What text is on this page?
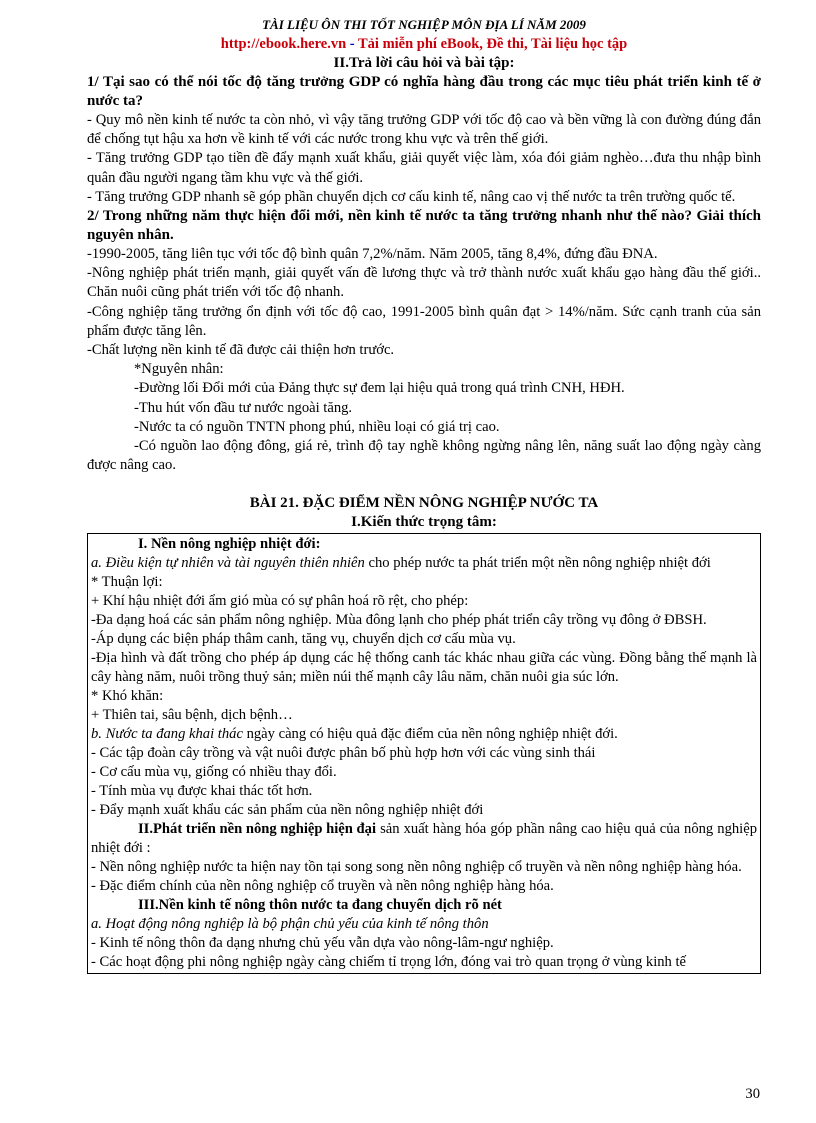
TÀI LIỆU ÔN THI TỐT NGHIỆP MÔN ĐỊA LÍ NĂM 2009
http://ebook.here.vn - Tải miễn phí eBook, Đề thi, Tài liệu học tập
II.Trả lời câu hỏi và bài tập:
1/ Tại sao có thể nói tốc độ tăng trưởng GDP có nghĩa hàng đầu trong các mục tiêu phát triển kinh tế ở nước ta?

- Quy mô nền kinh tế nước ta còn nhỏ, vì vậy tăng trưởng GDP với tốc độ cao và bền vững là con đường đúng đắn để chống tụt hậu xa hơn về kinh tế với các nước trong khu vực và trên thế giới.

- Tăng trưởng GDP tạo tiền đề đẩy mạnh xuất khẩu, giải quyết việc làm, xóa đói giảm nghèo…đưa thu nhập bình quân đầu người ngang tầm khu vực và thế giới.

- Tăng trưởng GDP nhanh sẽ góp phần chuyển dịch cơ cấu kinh tế, nâng cao vị thế nước ta trên trường quốc tế.

2/ Trong những năm thực hiện đổi mới, nền kinh tế nước ta tăng trưởng nhanh như thế nào? Giải thích nguyên nhân.

-1990-2005, tăng liên tục với tốc độ bình quân 7,2%/năm. Năm 2005, tăng 8,4%, đứng đầu ĐNA.

-Nông nghiệp phát triển mạnh, giải quyết vấn đề lương thực và trở thành nước xuất khẩu gạo hàng đầu thế giới.. Chăn nuôi cũng phát triển với tốc độ nhanh.

-Công nghiệp tăng trưởng ổn định với tốc độ cao, 1991-2005 bình quân đạt > 14%/năm. Sức cạnh tranh của sản phẩm được tăng lên.

-Chất lượng nền kinh tế đã được cải thiện hơn trước.

*Nguyên nhân:

-Đường lối Đổi mới của Đảng thực sự đem lại hiệu quả trong quá trình CNH, HĐH.

-Thu hút vốn đầu tư nước ngoài tăng.

-Nước ta có nguồn TNTN phong phú, nhiều loại có giá trị cao.

-Có nguồn lao động đông, giá rẻ, trình độ tay nghề không ngừng nâng lên, năng suất lao động ngày càng được nâng cao.

BÀI 21. ĐẶC ĐIỂM NỀN NÔNG NGHIỆP NƯỚC TA
I.Kiến thức trọng tâm:

I. Nền nông nghiệp nhiệt đới:

a. Điều kiện tự nhiên và tài nguyên thiên nhiên cho phép nước ta phát triển một nền nông nghiệp nhiệt đới

* Thuận lợi:

+ Khí hậu nhiệt đới ẩm gió mùa có sự phân hoá rõ rệt, cho phép:

-Đa dạng hoá các sản phẩm nông nghiệp. Mùa đông lạnh cho phép phát triển cây trồng vụ đông ở ĐBSH.

-Áp dụng các biện pháp thâm canh, tăng vụ, chuyển dịch cơ cấu mùa vụ.

-Địa hình và đất trồng cho phép áp dụng các hệ thống canh tác khác nhau giữa các vùng. Đồng bằng thế mạnh là cây hàng năm, nuôi trồng thuỷ sản; miền núi thế mạnh cây lâu năm, chăn nuôi gia súc lớn.

* Khó khăn:

+ Thiên tai, sâu bệnh, dịch bệnh…

b. Nước ta đang khai thác ngày càng có hiệu quả đặc điểm của nền nông nghiệp nhiệt đới.

- Các tập đoàn cây trồng và vật nuôi được phân bố phù hợp hơn với các vùng sinh thái

- Cơ cấu mùa vụ, giống có nhiều thay đổi.

- Tính mùa vụ được khai thác tốt hơn.

- Đẩy mạnh xuất khẩu các sản phẩm của nền nông nghiệp nhiệt đới

II.Phát triển nền nông nghiệp hiện đại sản xuất hàng hóa góp phần nâng cao hiệu quả của nông nghiệp nhiệt đới :

- Nền nông nghiệp nước ta hiện nay tồn tại song song nền nông nghiệp cổ truyền và nền nông nghiệp hàng hóa.

- Đặc điểm chính của nền nông nghiệp cổ truyền và nền nông nghiệp hàng hóa.

III.Nền kinh tế nông thôn nước ta đang chuyển dịch rõ nét

a. Hoạt động nông nghiệp là bộ phận chủ yếu của kinh tế nông thôn

- Kinh tế nông thôn đa dạng nhưng chủ yếu vẫn dựa vào nông-lâm-ngư nghiệp.

- Các hoạt động phi nông nghiệp ngày càng chiếm tỉ trọng lớn, đóng vai trò quan trọng ở vùng kinh tế

30
